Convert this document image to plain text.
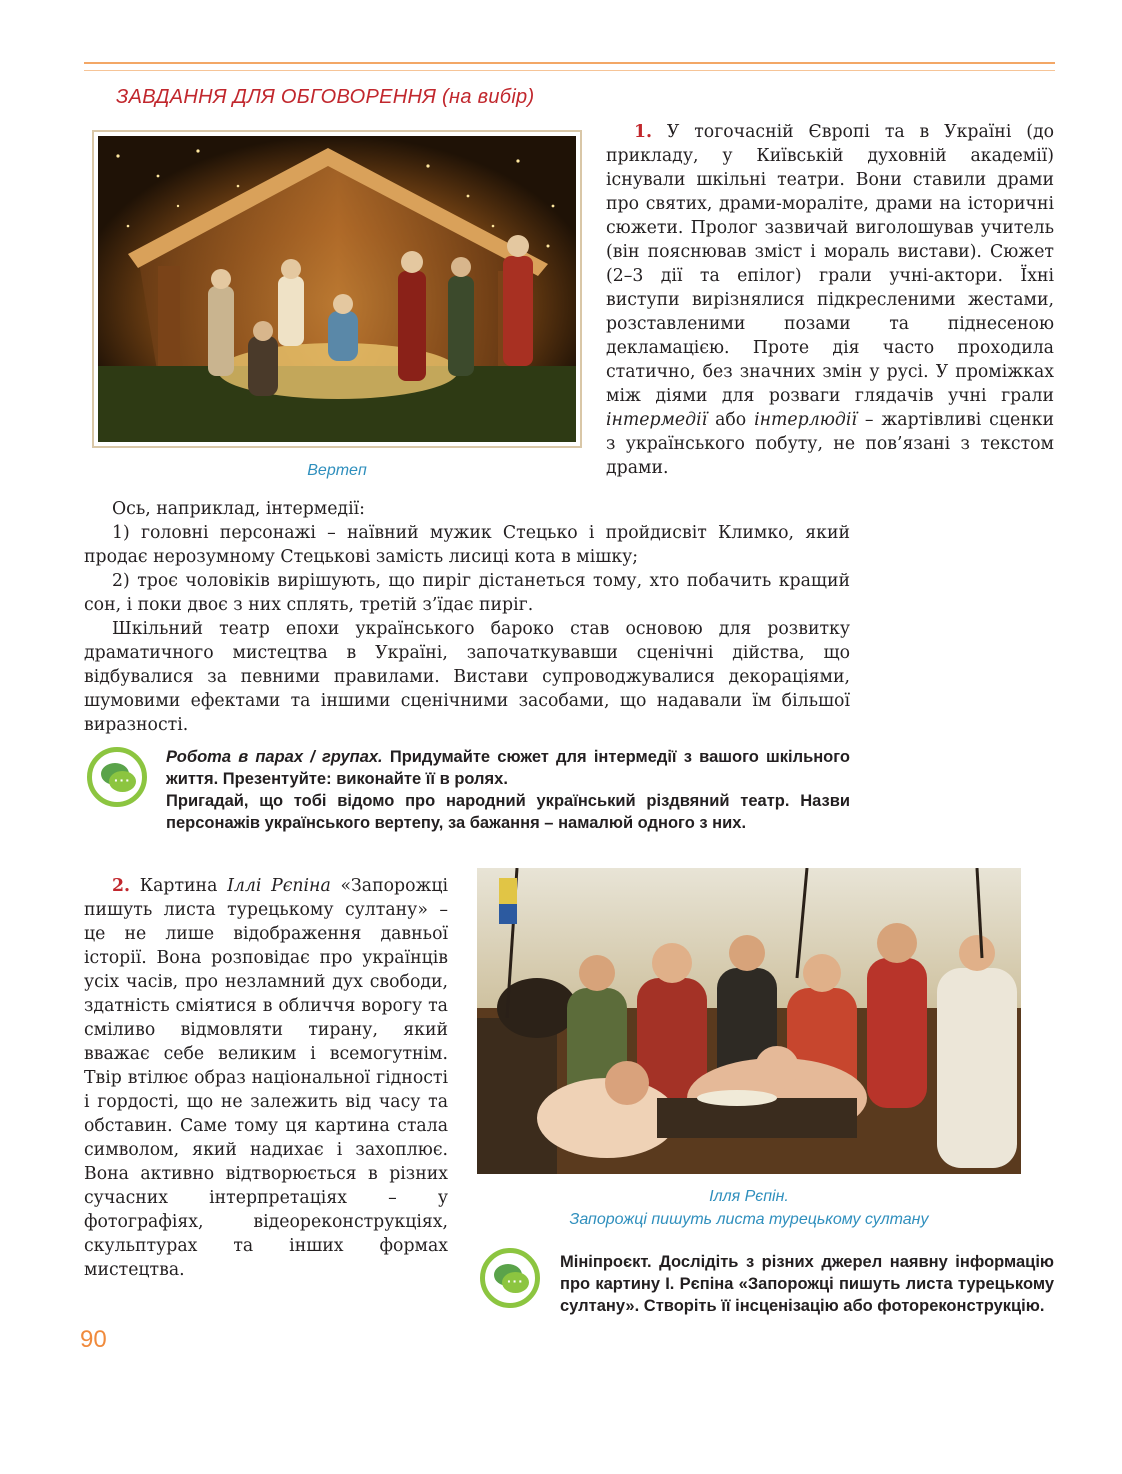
ЗАВДАННЯ ДЛЯ ОБГОВОРЕННЯ (на вибір)
Вертеп

1. У тогочасній Європі та в Україні (до прикладу, у Київській духовній академії) існували шкільні театри. Вони ставили драми про святих, драми-мораліте, драми на історичні сюжети. Пролог зазвичай виголошував учитель (він пояснював зміст і мораль вистави). Сюжет (2–3 дії та епілог) грали учні-актори. Їхні виступи вирізнялися підкресленими жестами, розставленими позами та піднесеною декламацією. Проте дія часто проходила статично, без значних змін у русі. У проміжках між діями для розваги глядачів учні грали інтермедії або інтерлюдії – жартівливі сценки з українського побуту, не пов’язані з текстом драми.

Ось, наприклад, інтермедії:

1) головні персонажі – наївний мужик Стецько і пройдисвіт Климко, який продає нерозумному Стецькові замість лисиці кота в мішку;

2) троє чоловіків вирішують, що пиріг дістанеться тому, хто побачить кращий сон, і поки двоє з них сплять, третій з’їдає пиріг.

Шкільний театр епохи українського бароко став основою для розвитку драматичного мистецтва в Україні, започаткувавши сценічні дійства, що відбувалися за певними правилами. Вистави супроводжувалися декораціями, шумовими ефектами та іншими сценічними засобами, що надавали їм більшої виразності.

···

Робота в парах / групах. Придумайте сюжет для інтермедії з вашого шкільного життя. Презентуйте: виконайте її в ролях.

Пригадай, що тобі відомо про народний український різдвяний театр. Назви персонажів українського вертепу, за бажання – намалюй одного з них.

2. Картина Іллі Рєпіна «Запорожці пишуть листа турецькому султану» – це не лише відображення давньої історії. Вона розповідає про українців усіх часів, про незламний дух свободи, здатність сміятися в обличчя ворогу та сміливо відмовляти тирану, який вважає себе великим і всемогутнім. Твір втілює образ національної гідності і гордості, що не залежить від часу та обставин. Саме тому ця картина стала символом, який надихає і захоплює. Вона активно відтворюється в різних сучасних інтерпретаціях – у фотографіях, відеореконструкціях, скульптурах та інших формах мистецтва.

Ілля Рєпін.
Запорожці пишуть листа турецькому султану
···

Мініпроєкт. Дослідіть з різних джерел наявну інформацію про картину І. Рєпіна «Запорожці пишуть листа турецькому султану». Створіть її інсценізацію або фотореконструкцію.

90
